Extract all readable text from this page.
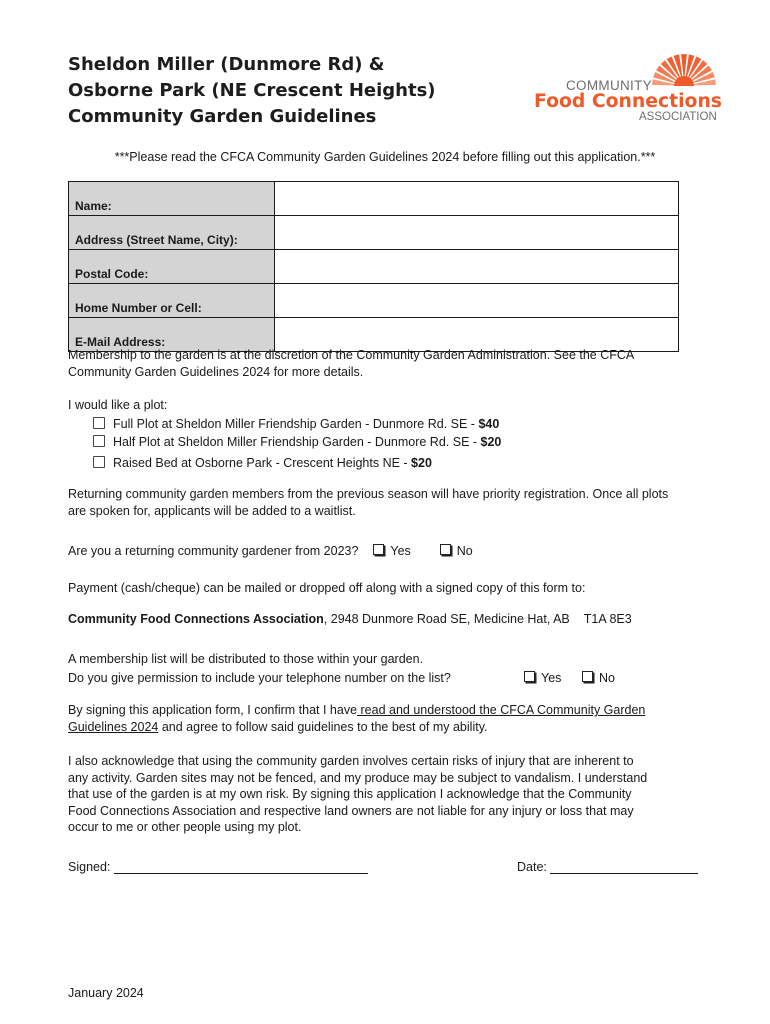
Sheldon Miller (Dunmore Rd) &
Osborne Park (NE Crescent Heights)
Community Garden Guidelines
COMMUNITY
Food Connections
ASSOCIATION
***Please read the CFCA Community Garden Guidelines 2024 before filling out this application.***
Name:	
Address (Street Name, City):	
Postal Code:	
Home Number or Cell:	
E-Mail Address:	
Membership to the garden is at the discretion of the Community Garden Administration. See the CFCA
Community Garden Guidelines 2024 for more details.
I would like a plot:
Full Plot at Sheldon Miller Friendship Garden - Dunmore Rd. SE - $40
Half Plot at Sheldon Miller Friendship Garden - Dunmore Rd. SE - $20
Raised Bed at Osborne Park - Crescent Heights NE - $20
Returning community garden members from the previous season will have priority registration. Once all plots
are spoken for, applicants will be added to a waitlist.
Are you a returning community gardener from 2023?	Yes	No
Payment (cash/cheque) can be mailed or dropped off along with a signed copy of this form to:
Community Food Connections Association, 2948 Dunmore Road SE, Medicine Hat, AB T1A 8E3
A membership list will be distributed to those within your garden.
Do you give permission to include your telephone number on the list?	Yes	No
By signing this application form, I confirm that I have read and understood the CFCA Community Garden
Guidelines 2024 and agree to follow said guidelines to the best of my ability.
I also acknowledge that using the community garden involves certain risks of injury that are inherent to
any activity. Garden sites may not be fenced, and my produce may be subject to vandalism. I understand
that use of the garden is at my own risk. By signing this application I acknowledge that the Community
Food Connections Association and respective land owners are not liable for any injury or loss that may
occur to me or other people using my plot.
Signed:	Date:
January 2024
